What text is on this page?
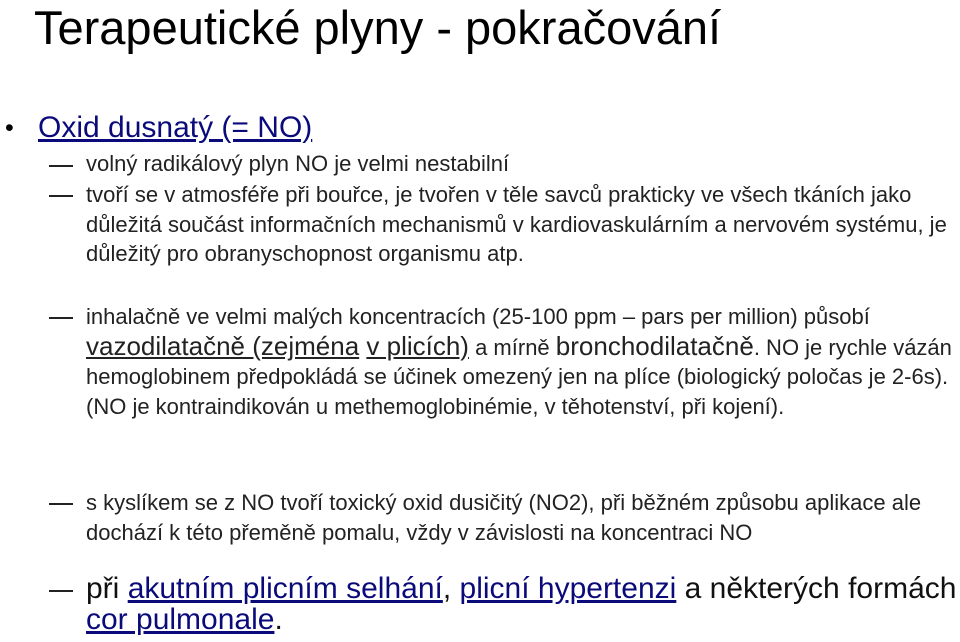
Terapeutické plyny - pokračování
• Oxid dusnatý (= NO)
volný radikálový plyn NO je velmi nestabilní
tvoří se v atmosféře při bouřce, je tvořen v těle savců prakticky ve všech tkáních jako důležitá součást informačních mechanismů v kardiovaskulárním a nervovém systému, je důležitý pro obranyschopnost organismu atp.
inhalačně ve velmi malých koncentracích (25-100 ppm – pars per million) působí vazodilatačně (zejména v plicích) a mírně bronchodilatačně. NO je rychle vázán hemoglobinem předpokládá se účinek omezený jen na plíce (biologický poločas je 2-6s). (NO je kontraindikován u methemoglobinémie, v těhotenství, při kojení).
s kyslíkem se z NO tvoří toxický oxid dusičitý (NO2), při běžném způsobu aplikace ale dochází k této přeměně pomalu, vždy v závislosti na koncentraci NO
při akutním plicním selhání, plicní hypertenzi a některých formách cor pulmonale.
